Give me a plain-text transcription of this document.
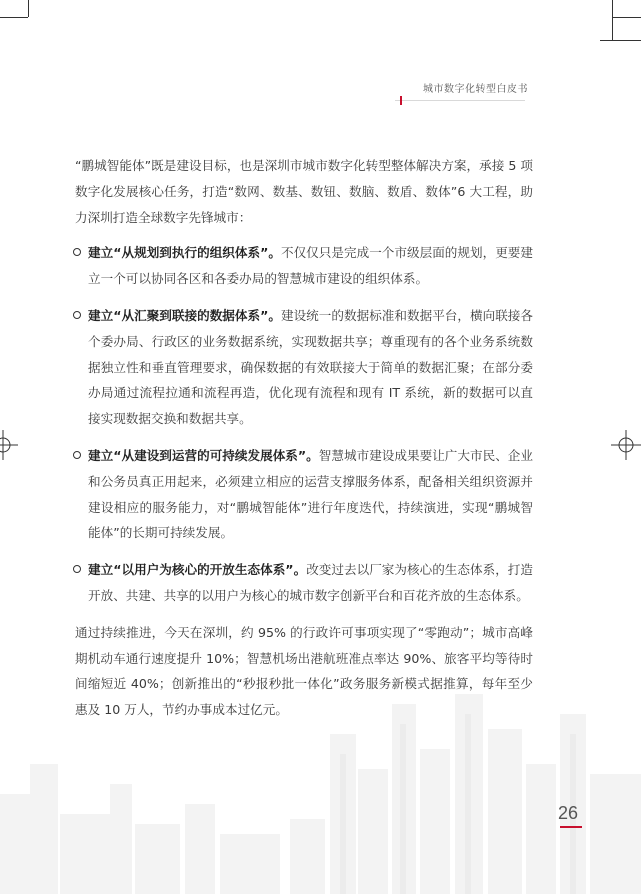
城市数字化转型白皮书

“鹏城智能体”既是建设目标，也是深圳市城市数字化转型整体解决方案，承接 5 项数字化发展核心任务，打造“数网、数基、数钮、数脑、数盾、数体”6 大工程，助力深圳打造全球数字先锋城市：

建立“从规划到执行的组织体系”。不仅仅只是完成一个市级层面的规划，更要建立一个可以协同各区和各委办局的智慧城市建设的组织体系。

建立“从汇聚到联接的数据体系”。建设统一的数据标准和数据平台，横向联接各个委办局、行政区的业务数据系统，实现数据共享；尊重现有的各个业务系统数据独立性和垂直管理要求，确保数据的有效联接大于简单的数据汇聚；在部分委办局通过流程拉通和流程再造，优化现有流程和现有 IT 系统，新的数据可以直接实现数据交换和数据共享。

建立“从建设到运营的可持续发展体系”。智慧城市建设成果要让广大市民、企业和公务员真正用起来，必须建立相应的运营支撑服务体系，配备相关组织资源并建设相应的服务能力，对“鹏城智能体”进行年度迭代，持续演进，实现“鹏城智能体”的长期可持续发展。

建立“以用户为核心的开放生态体系”。改变过去以厂家为核心的生态体系，打造开放、共建、共享的以用户为核心的城市数字创新平台和百花齐放的生态体系。

通过持续推进，今天在深圳，约 95% 的行政许可事项实现了“零跑动”；城市高峰期机动车通行速度提升 10%；智慧机场出港航班准点率达 90%、旅客平均等待时间缩短近 40%；创新推出的“秒报秒批一体化”政务服务新模式据推算，每年至少惠及 10 万人，节约办事成本过亿元。

26
